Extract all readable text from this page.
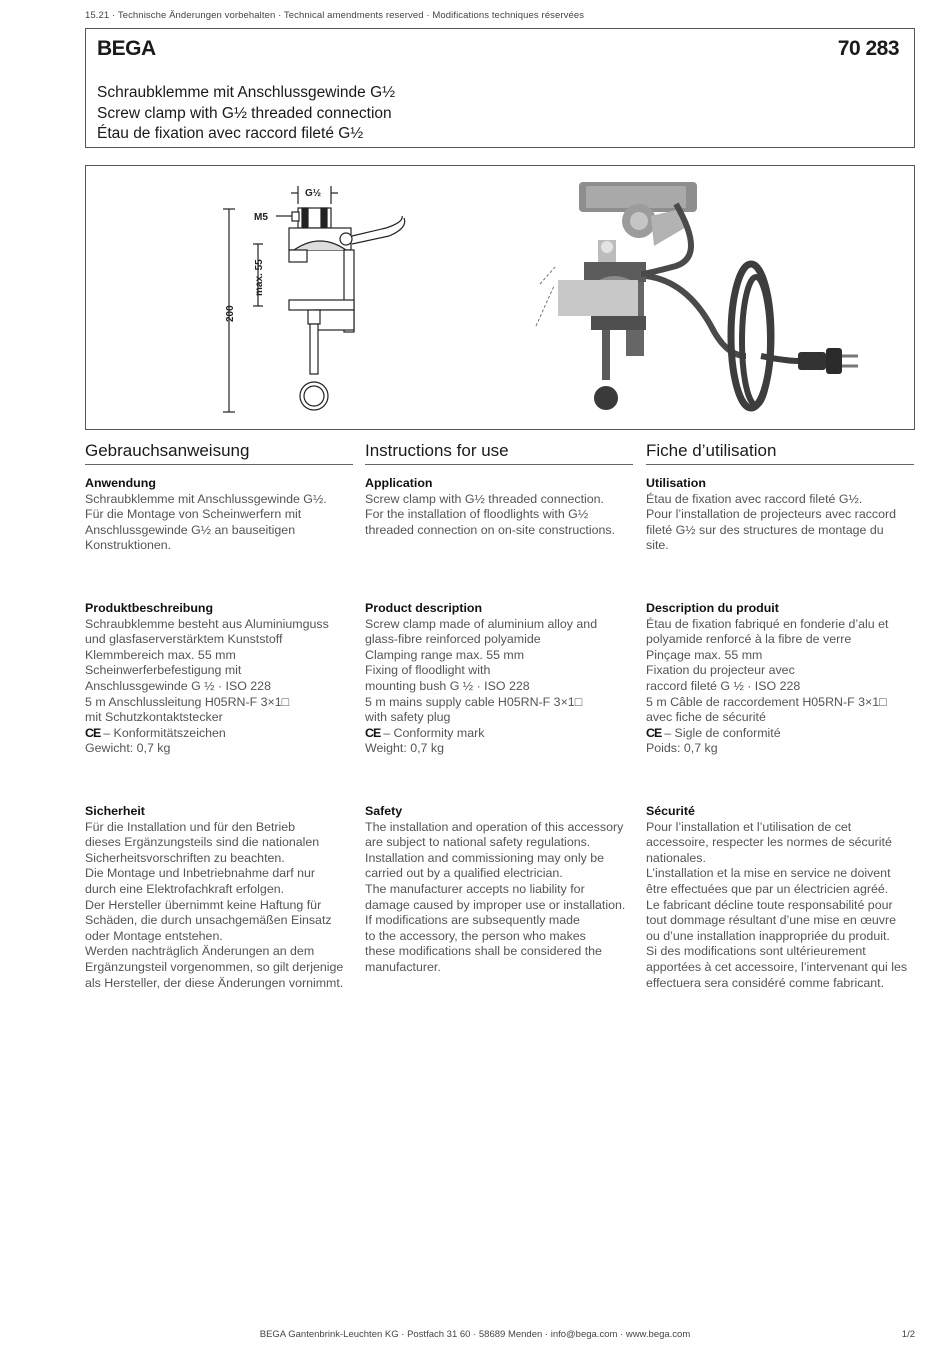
15.21 · Technische Änderungen vorbehalten · Technical amendments reserved · Modifications techniques réservées
BEGA	70 283
Schraubklemme mit Anschlussgewinde G½
Screw clamp with G½ threaded connection
Étau de fixation avec raccord fileté G½
G½
M5
max. 55
200
Gebrauchsanweisung
Anwendung
Schraubklemme mit Anschlussgewinde G½.
Für die Montage von Scheinwerfern mit
Anschlussgewinde G½ an bauseitigen
Konstruktionen.
Produktbeschreibung
Schraubklemme besteht aus Aluminiumguss
und glasfaserverstärktem Kunststoff
Klemmbereich max. 55 mm
Scheinwerferbefestigung mit
Anschlussgewinde G ½ · ISO 228
5 m Anschlussleitung H05RN-F 3×1□
mit Schutzkontaktstecker
CE – Konformitätszeichen
Gewicht: 0,7 kg
Sicherheit
Für die Installation und für den Betrieb
dieses Ergänzungsteils sind die nationalen
Sicherheitsvorschriften zu beachten.
Die Montage und Inbetriebnahme darf nur
durch eine Elektrofachkraft erfolgen.
Der Hersteller übernimmt keine Haftung für
Schäden, die durch unsachgemäßen Einsatz
oder Montage entstehen.
Werden nachträglich Änderungen an dem
Ergänzungsteil vorgenommen, so gilt derjenige
als Hersteller, der diese Änderungen vornimmt.
Instructions for use
Application
Screw clamp with G½ threaded connection.
For the installation of floodlights with G½
threaded connection on on-site constructions.
Product description
Screw clamp made of aluminium alloy and
glass-fibre reinforced polyamide
Clamping range max. 55 mm
Fixing of floodlight with
mounting bush G ½ · ISO 228
5 m mains supply cable H05RN-F 3×1□
with safety plug
CE – Conformity mark
Weight: 0,7 kg
Safety
The installation and operation of this accessory
are subject to national safety regulations.
Installation and commissioning may only be
carried out by a qualified electrician.
The manufacturer accepts no liability for
damage caused by improper use or installation.
If modifications are subsequently made
to the accessory, the person who makes
these modifications shall be considered the
manufacturer.
Fiche d’utilisation
Utilisation
Étau de fixation avec raccord fileté G½.
Pour l’installation de projecteurs avec raccord
fileté G½ sur des structures de montage du
site.
Description du produit
Étau de fixation fabriqué en fonderie d’alu et
polyamide renforcé à la fibre de verre
Pinçage max. 55 mm
Fixation du projecteur avec
raccord fileté G ½ · ISO 228
5 m Câble de raccordement H05RN-F 3×1□
avec fiche de sécurité
CE – Sigle de conformité
Poids: 0,7 kg
Sécurité
Pour l’installation et l’utilisation de cet
accessoire, respecter les normes de sécurité
nationales.
L’installation et la mise en service ne doivent
être effectuées que par un électricien agréé.
Le fabricant décline toute responsabilité pour
tout dommage résultant d’une mise en œuvre
ou d’une installation inappropriée du produit.
Si des modifications sont ultérieurement
apportées à cet accessoire, l’intervenant qui les
effectuera sera considéré comme fabricant.
BEGA Gantenbrink-Leuchten KG · Postfach 31 60 · 58689 Menden · info@bega.com · www.bega.com	1/2
